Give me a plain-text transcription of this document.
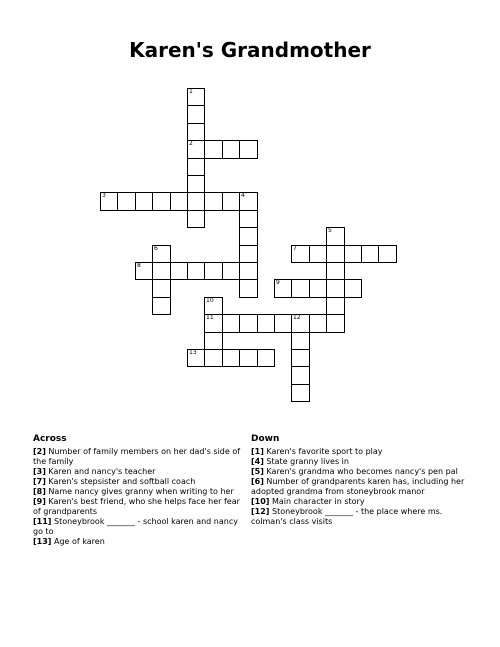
Karen's Grandmother
1
2
3	4
5
6	7
8
9
10
11	12
13
Across
[2] Number of family members on her dad's side of the family
[3] Karen and nancy's teacher
[7] Karen's stepsister and softball coach
[8] Name nancy gives granny when writing to her
[9] Karen's best friend, who she helps face her fear of grandparents
[11] Stoneybrook _______ - school karen and nancy go to
[13] Age of karen
Down
[1] Karen's favorite sport to play
[4] State granny lives in
[5] Karen's grandma who becomes nancy's pen pal
[6] Number of grandparents karen has, including her adopted grandma from stoneybrook manor
[10] Main character in story
[12] Stoneybrook _______ - the place where ms. colman's class visits
